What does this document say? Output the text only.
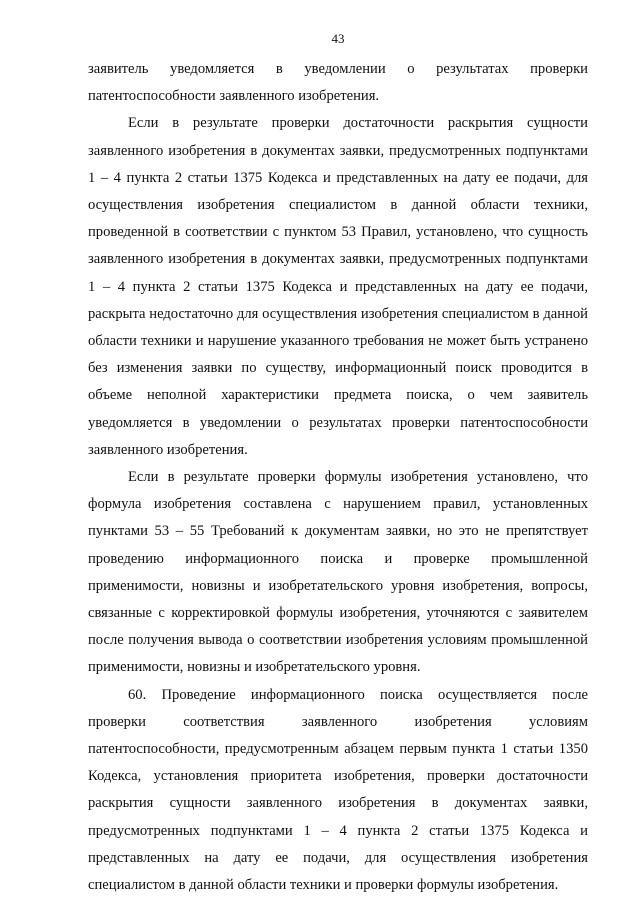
43

заявитель уведомляется в уведомлении о результатах проверки патентоспособности заявленного изобретения.

Если в результате проверки достаточности раскрытия сущности заявленного изобретения в документах заявки, предусмотренных подпунктами 1 – 4 пункта 2 статьи 1375 Кодекса и представленных на дату ее подачи, для осуществления изобретения специалистом в данной области техники, проведенной в соответствии с пунктом 53 Правил, установлено, что сущность заявленного изобретения в документах заявки, предусмотренных подпунктами 1 – 4 пункта 2 статьи 1375 Кодекса и представленных на дату ее подачи, раскрыта недостаточно для осуществления изобретения специалистом в данной области техники и нарушение указанного требования не может быть устранено без изменения заявки по существу, информационный поиск проводится в объеме неполной характеристики предмета поиска, о чем заявитель уведомляется в уведомлении о результатах проверки патентоспособности заявленного изобретения.

Если в результате проверки формулы изобретения установлено, что формула изобретения составлена с нарушением правил, установленных пунктами 53 – 55 Требований к документам заявки, но это не препятствует проведению информационного поиска и проверке промышленной применимости, новизны и изобретательского уровня изобретения, вопросы, связанные с корректировкой формулы изобретения, уточняются с заявителем после получения вывода о соответствии изобретения условиям промышленной применимости, новизны и изобретательского уровня.

60. Проведение информационного поиска осуществляется после проверки соответствия заявленного изобретения условиям патентоспособности, предусмотренным абзацем первым пункта 1 статьи 1350 Кодекса, установления приоритета изобретения, проверки достаточности раскрытия сущности заявленного изобретения в документах заявки, предусмотренных подпунктами 1 – 4 пункта 2 статьи 1375 Кодекса и представленных на дату ее подачи, для осуществления изобретения специалистом в данной области техники и проверки формулы изобретения.
